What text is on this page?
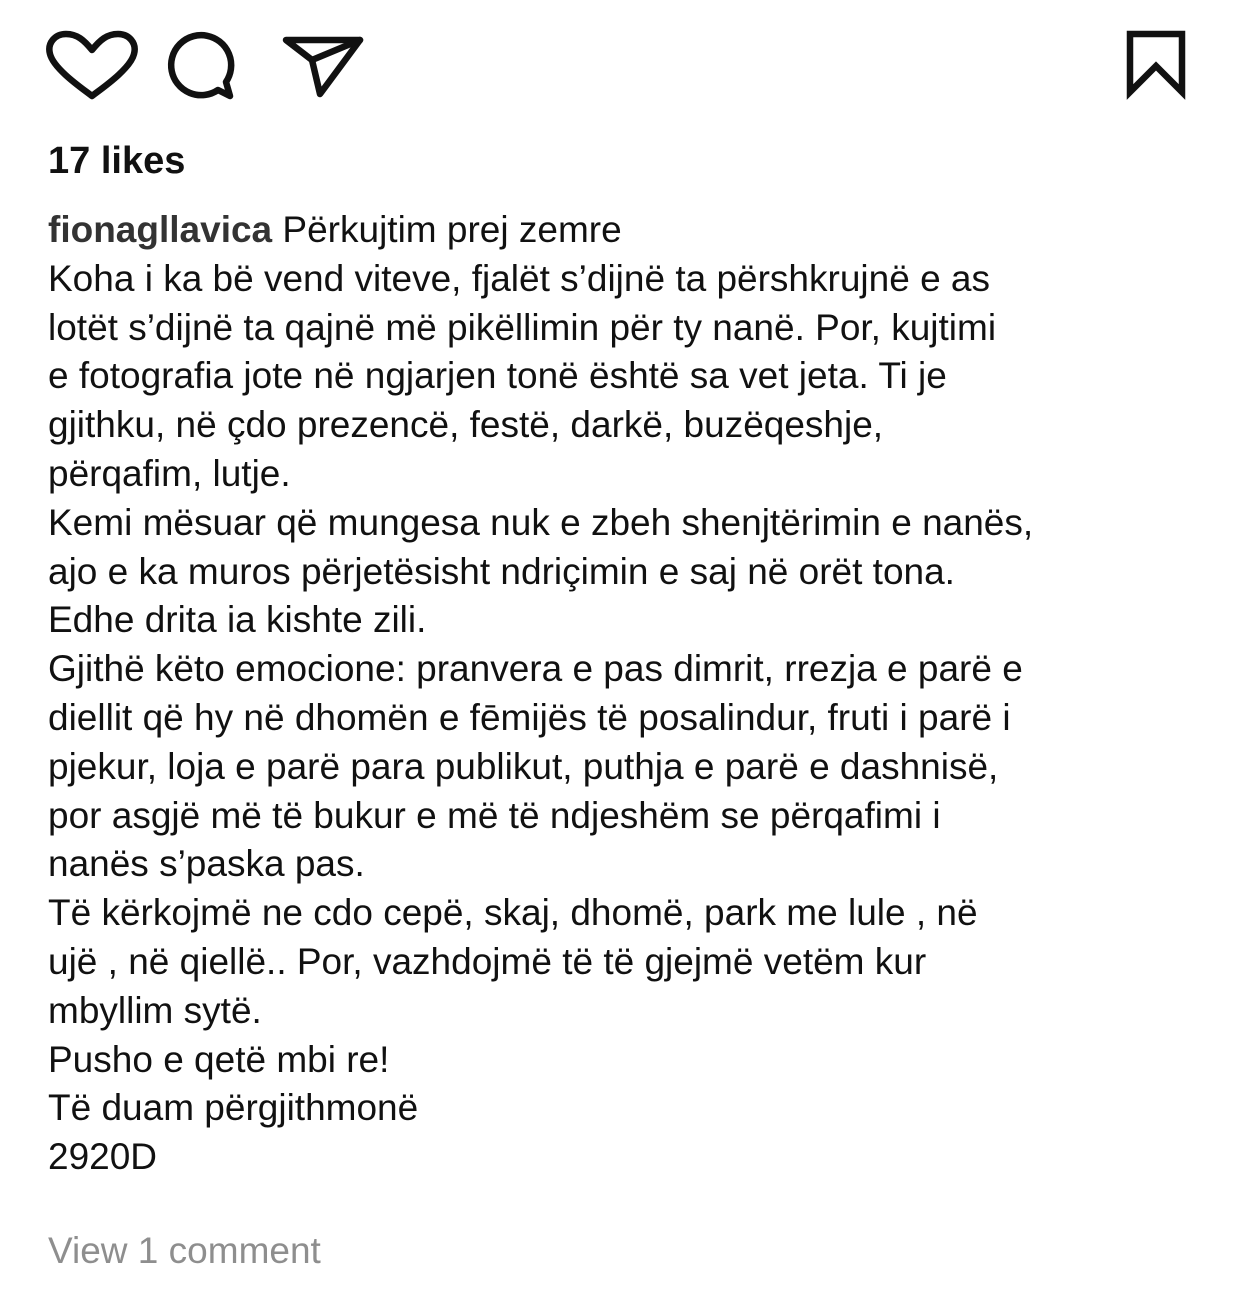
17 likes
fionagllavica Përkujtim prej zemre
Koha i ka bë vend viteve, fjalët s’dijnë ta përshkrujnë e as
lotët s’dijnë ta qajnë më pikëllimin për ty nanë. Por, kujtimi
e fotografia jote në ngjarjen tonë është sa vet jeta. Ti je
gjithku, në çdo prezencë, festë, darkë, buzëqeshje,
përqafim, lutje.
Kemi mësuar që mungesa nuk e zbeh shenjtërimin e nanës,
ajo e ka muros përjetësisht ndriçimin e saj në orët tona.
Edhe drita ia kishte zili.
Gjithë këto emocione: pranvera e pas dimrit, rrezja e parë e
diellit që hy në dhomën e fēmijës të posalindur, fruti i parë i
pjekur, loja e parë para publikut, puthja e parë e dashnisë,
por asgjë më të bukur e më të ndjeshëm se përqafimi i
nanës s’paska pas.
Të kërkojmë ne cdo cepë, skaj, dhomë, park me lule , në
ujë , në qiellë.. Por, vazhdojmë të të gjejmë vetëm kur
mbyllim sytë.
Pusho e qetë mbi re!
Të duam përgjithmonë
2920D
View 1 comment
